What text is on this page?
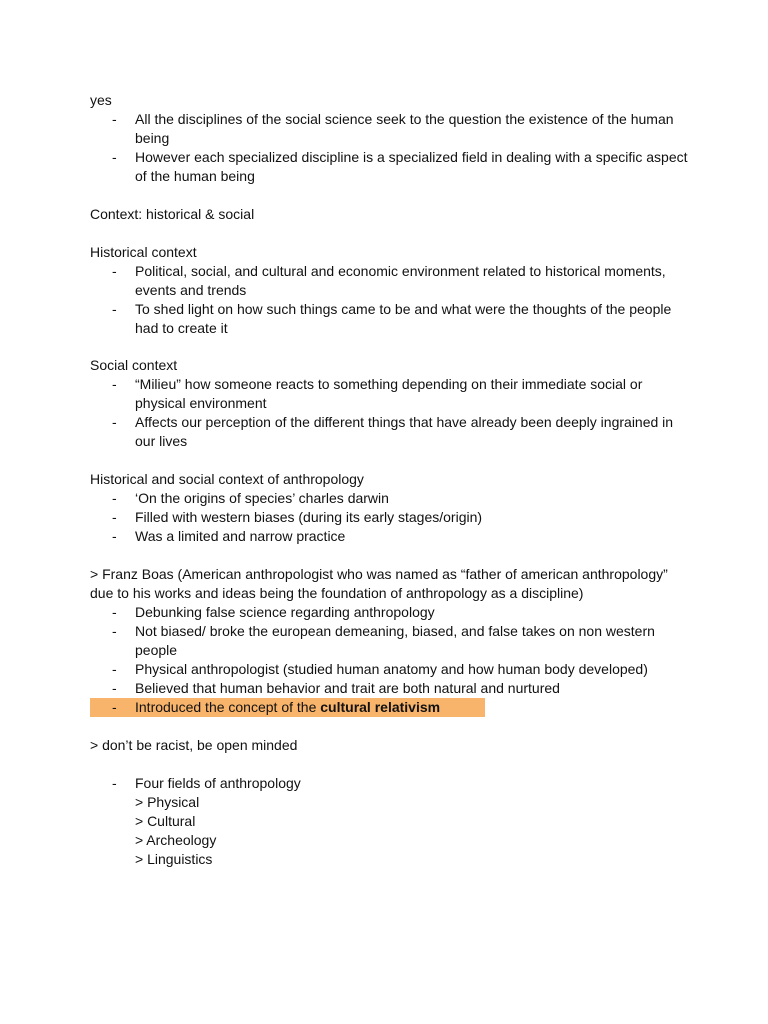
yes

- All the disciplines of the social science seek to the question the existence of the human being

- However each specialized discipline is a specialized field in dealing with a specific aspect of the human being

Context: historical & social

Historical context

- Political, social, and cultural and economic environment related to historical moments, events and trends

- To shed light on how such things came to be and what were the thoughts of the people had to create it

Social context

- “Milieu” how someone reacts to something depending on their immediate social or physical environment

- Affects our perception of the different things that have already been deeply ingrained in our lives

Historical and social context of anthropology

- ‘On the origins of species’ charles darwin

- Filled with western biases (during its early stages/origin)

- Was a limited and narrow practice

> Franz Boas (American anthropologist who was named as “father of american anthropology” due to his works and ideas being the foundation of anthropology as a discipline)

- Debunking false science regarding anthropology

- Not biased/ broke the european demeaning, biased, and false takes on non western people

- Physical anthropologist (studied human anatomy and how human body developed)

- Believed that human behavior and trait are both natural and nurtured

- Introduced the concept of the cultural relativism

> don’t be racist, be open minded

- Four fields of anthropology

> Physical

> Cultural

> Archeology

> Linguistics
